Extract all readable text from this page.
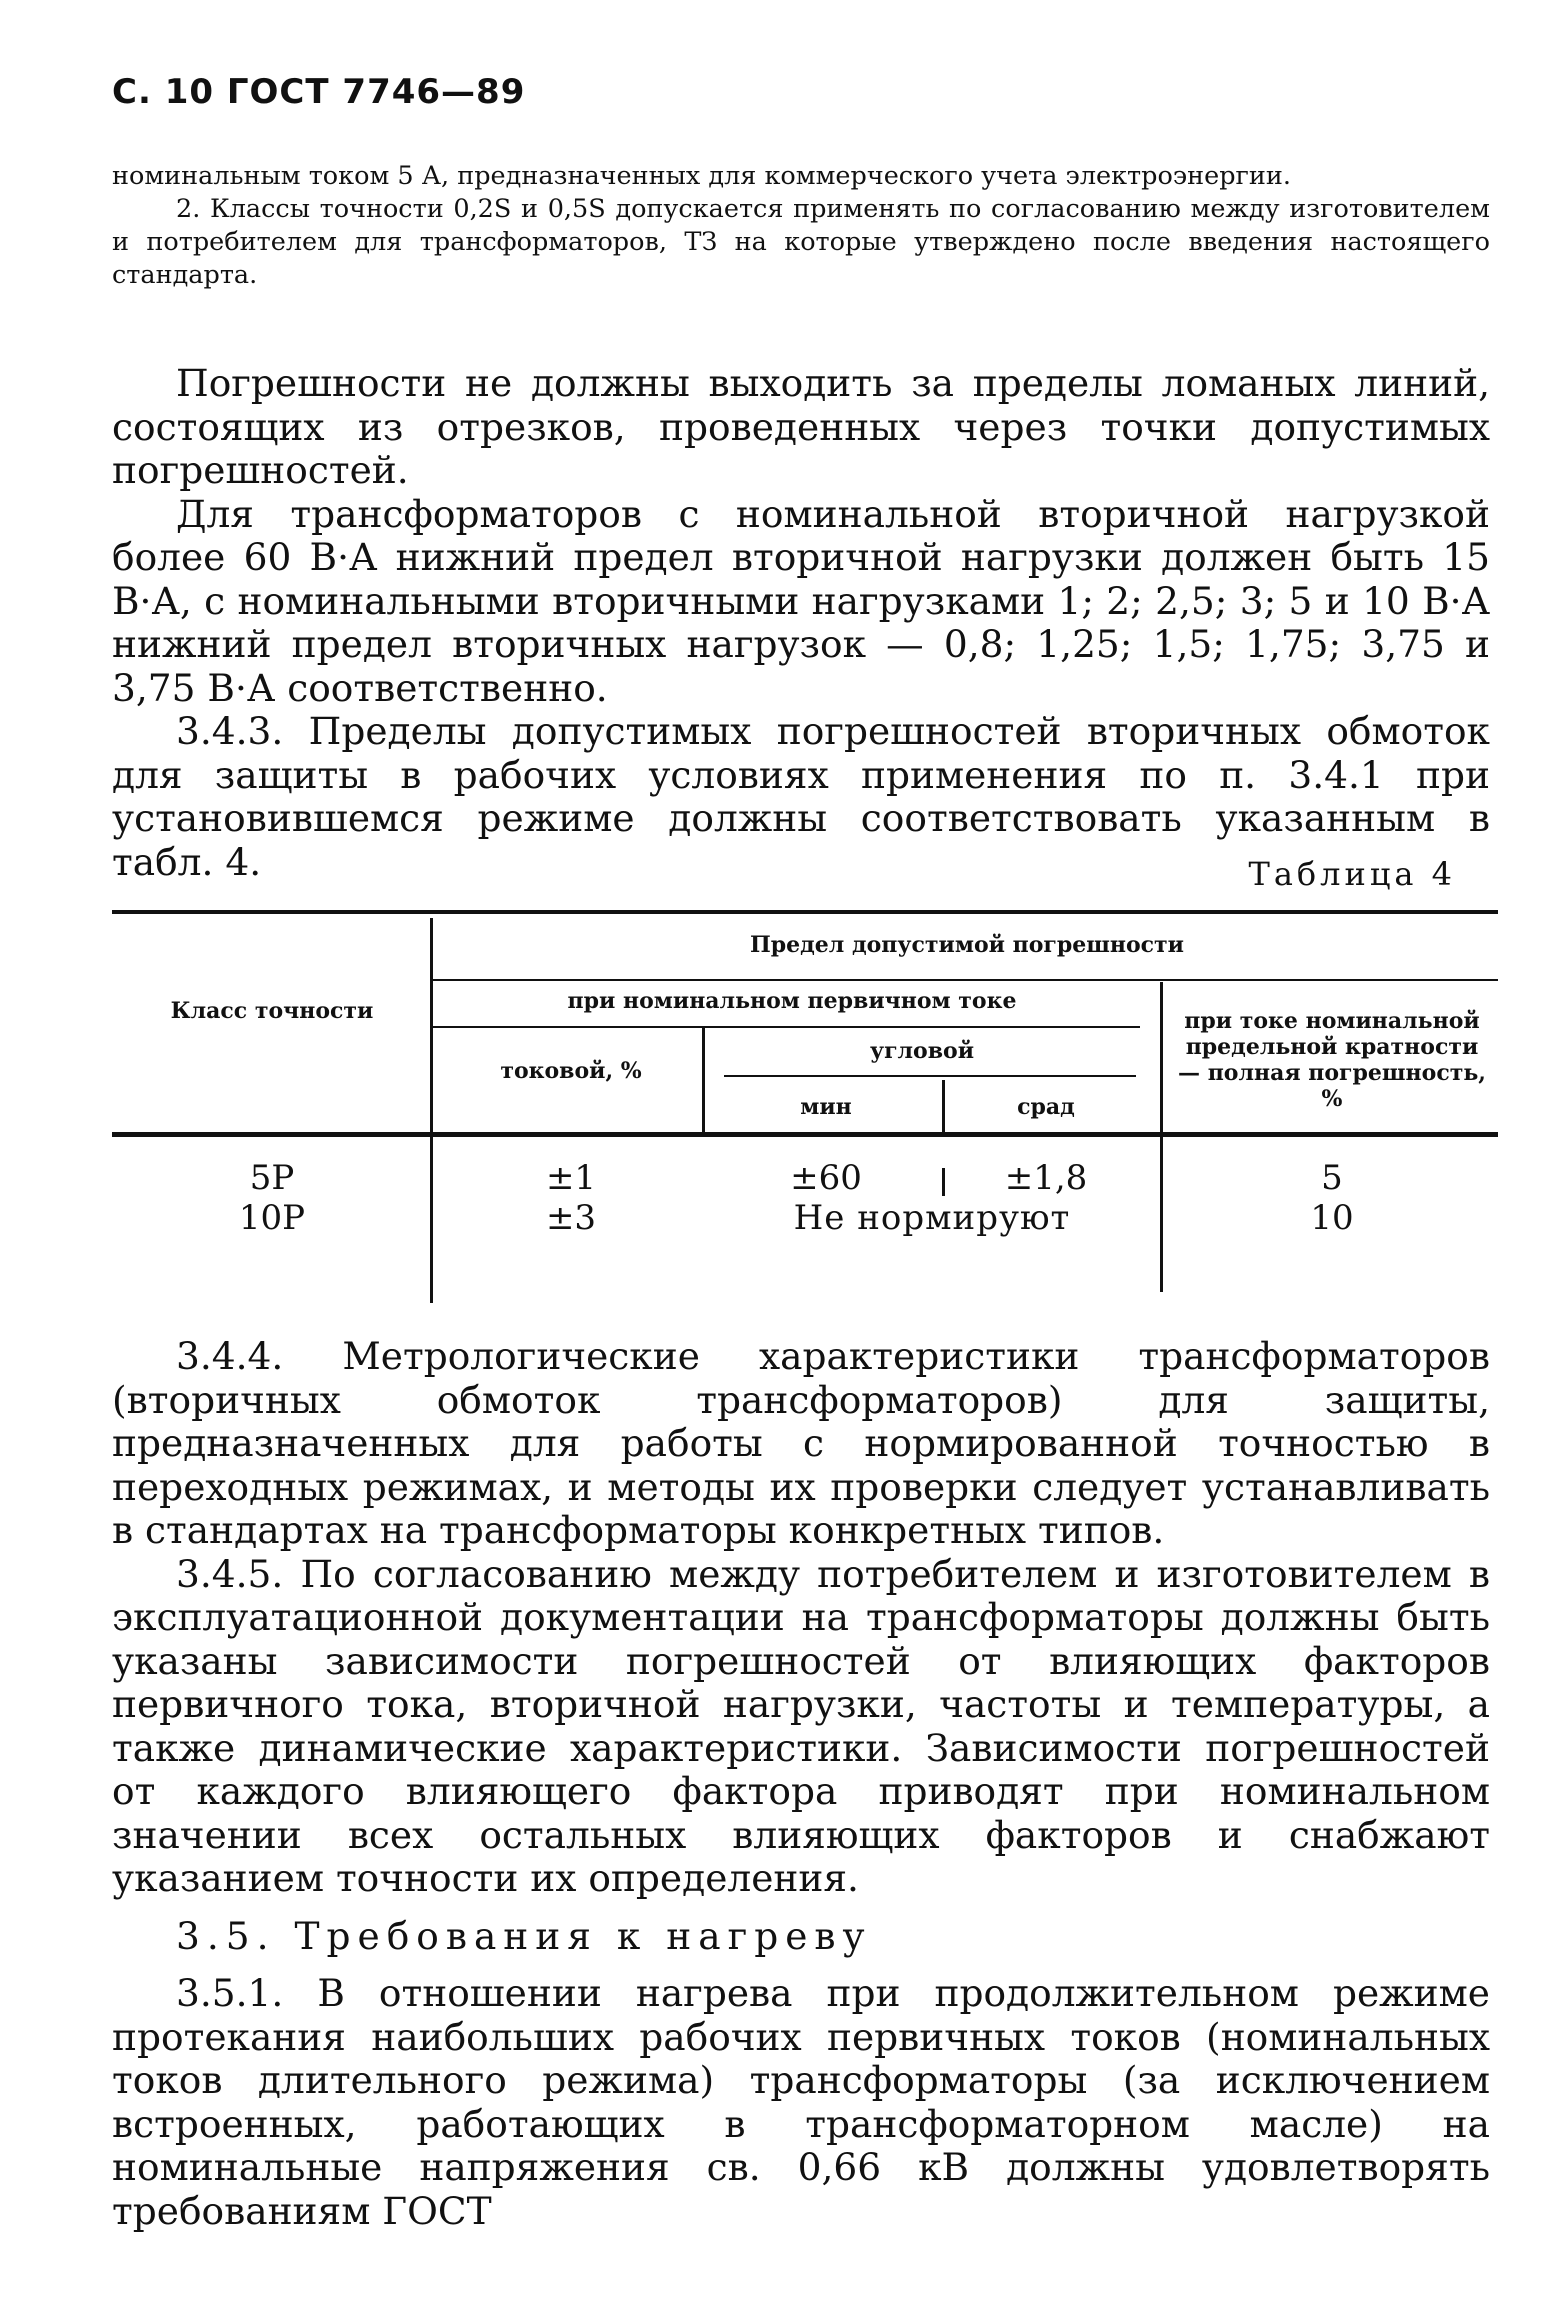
С. 10 ГОСТ 7746—89

номинальным током 5 А, предназначенных для коммерческого учета электроэнергии.

2. Классы точности 0,2S и 0,5S допускается применять по согласованию между изготовителем и потребителем для трансформаторов, ТЗ на которые утверждено после введения настоящего стандарта.

Погрешности не должны выходить за пределы ломаных линий, состоящих из отрезков, проведенных через точки допустимых погрешностей.

Для трансформаторов с номинальной вторичной нагрузкой более 60 В·А нижний предел вторичной нагрузки должен быть 15 В·А, с номинальными вторичными нагрузками 1; 2; 2,5; 3; 5 и 10 В·А нижний предел вторичных нагрузок — 0,8; 1,25; 1,5; 1,75; 3,75 и 3,75 В·А соответственно.

3.4.3. Пределы допустимых погрешностей вторичных обмоток для защиты в рабочих условиях применения по п. 3.4.1 при установившемся режиме должны соответствовать указанным в табл. 4.	Таблица 4
Класс точности
Предел допустимой погрешности
при номинальном первичном токе
токовой, %
угловой
мин	срад
при токе номинальной предельной кратности — полная погрешность, %
5P	±1	±60	±1,8	5
10P	±3	Не нормируют	10

3.4.4. Метрологические характеристики трансформаторов (вторичных обмоток трансформаторов) для защиты, предназначенных для работы с нормированной точностью в переходных режимах, и методы их проверки следует устанавливать в стандартах на трансформаторы конкретных типов.

3.4.5. По согласованию между потребителем и изготовителем в эксплуатационной документации на трансформаторы должны быть указаны зависимости погрешностей от влияющих факторов первичного тока, вторичной нагрузки, частоты и температуры, а также динамические характеристики. Зависимости погрешностей от каждого влияющего фактора приводят при номинальном значении всех остальных влияющих факторов и снабжают указанием точности их определения.

3.5. Требования к нагреву

3.5.1. В отношении нагрева при продолжительном режиме протекания наибольших рабочих первичных токов (номинальных токов длительного режима) трансформаторы (за исключением встроенных, работающих в трансформаторном масле) на номинальные напряжения св. 0,66 кВ должны удовлетворять требованиям ГОСТ
